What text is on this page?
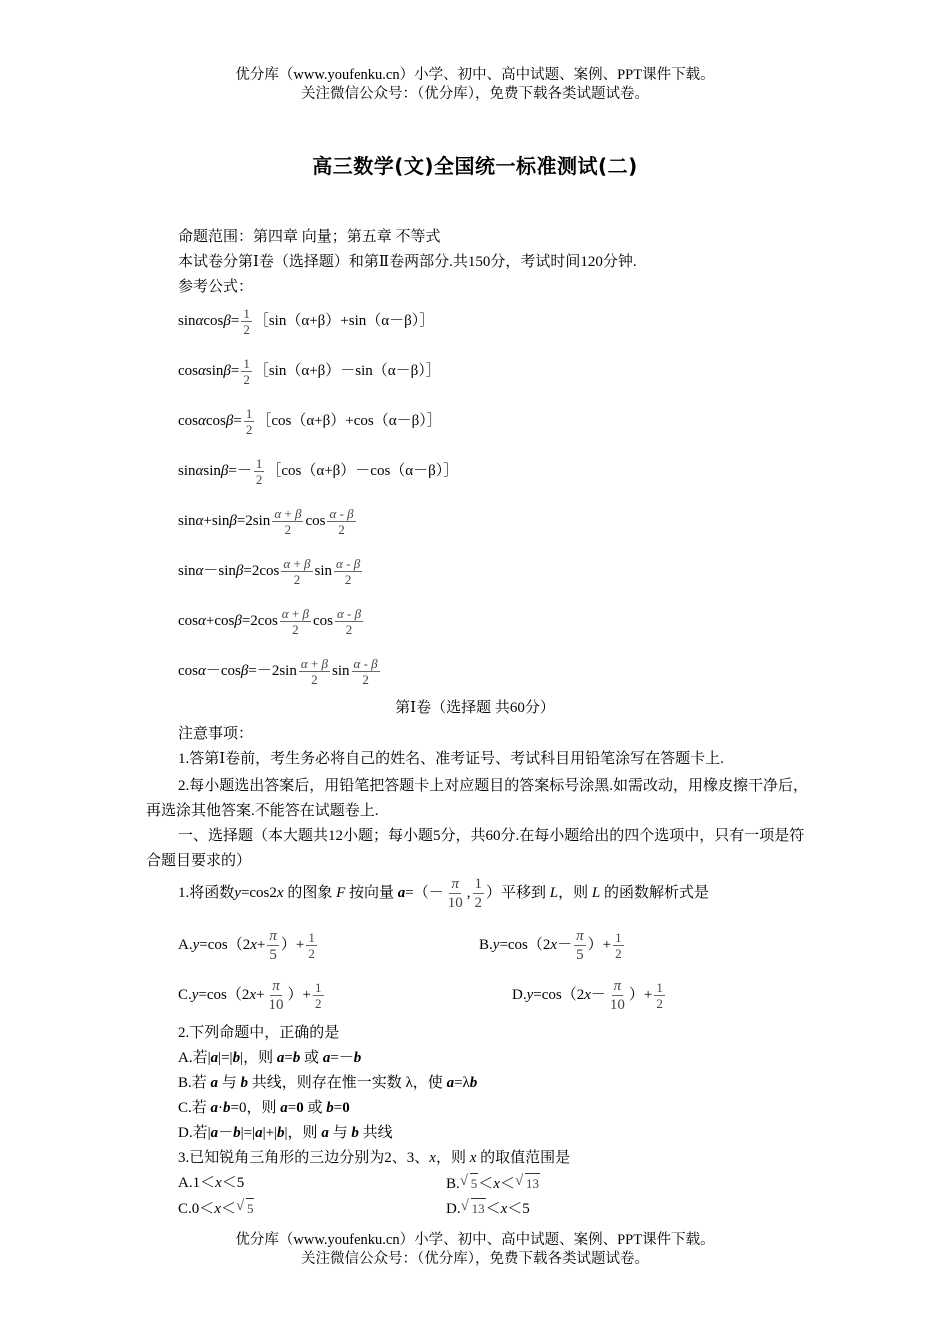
优分库（www.youfenku.cn）小学、初中、高中试题、案例、PPT课件下载。
关注微信公众号：（优分库），免费下载各类试题试卷。
高三数学(文)全国统一标准测试(二)
命题范围：第四章 向量；第五章 不等式
本试卷分第Ⅰ卷（选择题）和第Ⅱ卷两部分.共150分，考试时间120分钟.
参考公式：
$\sin\alpha\cos\beta= \frac{1}{2}$ ［sin（α+β）+sin（α－β）］
$\cos\alpha\sin\beta= \frac{1}{2}$ ［sin（α+β）－sin（α－β）］
$\cos\alpha\cos\beta= \frac{1}{2}$ ［cos（α+β）+cos（α－β）］
$\sin\alpha\sin\beta=- \frac{1}{2}$ ［cos（α+β）－cos（α－β）］
$\sin\alpha+\sin\beta=2\sin \frac{\alpha + \beta}{2}$ $\cos \frac{\alpha - \beta}{2}$
$\sin\alpha-\sin\beta=2\cos \frac{\alpha + \beta}{2}$ $\sin \frac{\alpha - \beta}{2}$
$\cos\alpha+\cos\beta=2\cos \frac{\alpha + \beta}{2}$ $\cos \frac{\alpha - \beta}{2}$
$\cos\alpha-\cos\beta=-2\sin \frac{\alpha + \beta}{2}$ $\sin \frac{\alpha - \beta}{2}$
第Ⅰ卷（选择题 共60分）
注意事项：
1.答第Ⅰ卷前，考生务必将自己的姓名、准考证号、考试科目用铅笔涂写在答题卡上.
2.每小题选出答案后，用铅笔把答题卡上对应题目的答案标号涂黑.如需改动，用橡皮擦干净后，再选涂其他答案.不能答在试题卷上.
一、选择题（本大题共12小题；每小题5分，共60分.在每小题给出的四个选项中，只有一项是符合题目要求的）
1.将函数y=cos2x 的图象 F 按向量 $a=(- \frac{\pi}{10}$ , $\frac{1}{2}$ ）平移到 L，则 L 的函数解析式是
$A.y=\cos(2x+ \frac{\pi}{5}$ ）+ $\frac{1}{2}$	$B.y=\cos(2x- \frac{\pi}{5}$ ）+ $\frac{1}{2}$
$C.y=\cos(2x+ \frac{\pi}{10}$ ）+ $\frac{1}{2}$	$D.y=\cos(2x- \frac{\pi}{10}$ ）+ $\frac{1}{2}$
2.下列命题中，正确的是
A.若|a|=|b|，则 a=b 或 a=－b
B.若 a 与 b 共线，则存在惟一实数 λ，使 a=λb
C.若 a·b=0，则 a=0 或 b=0
D.若|a－b|=|a|+|b|，则 a 与 b 共线
3.已知锐角三角形的三边分别为2、3、x，则 x 的取值范围是
A.1＜x＜5	B. √ 5＜x＜ √ 13
C.0＜x＜ √ 5	D. √ 13＜x＜5
优分库（www.youfenku.cn）小学、初中、高中试题、案例、PPT课件下载。
关注微信公众号：（优分库），免费下载各类试题试卷。
